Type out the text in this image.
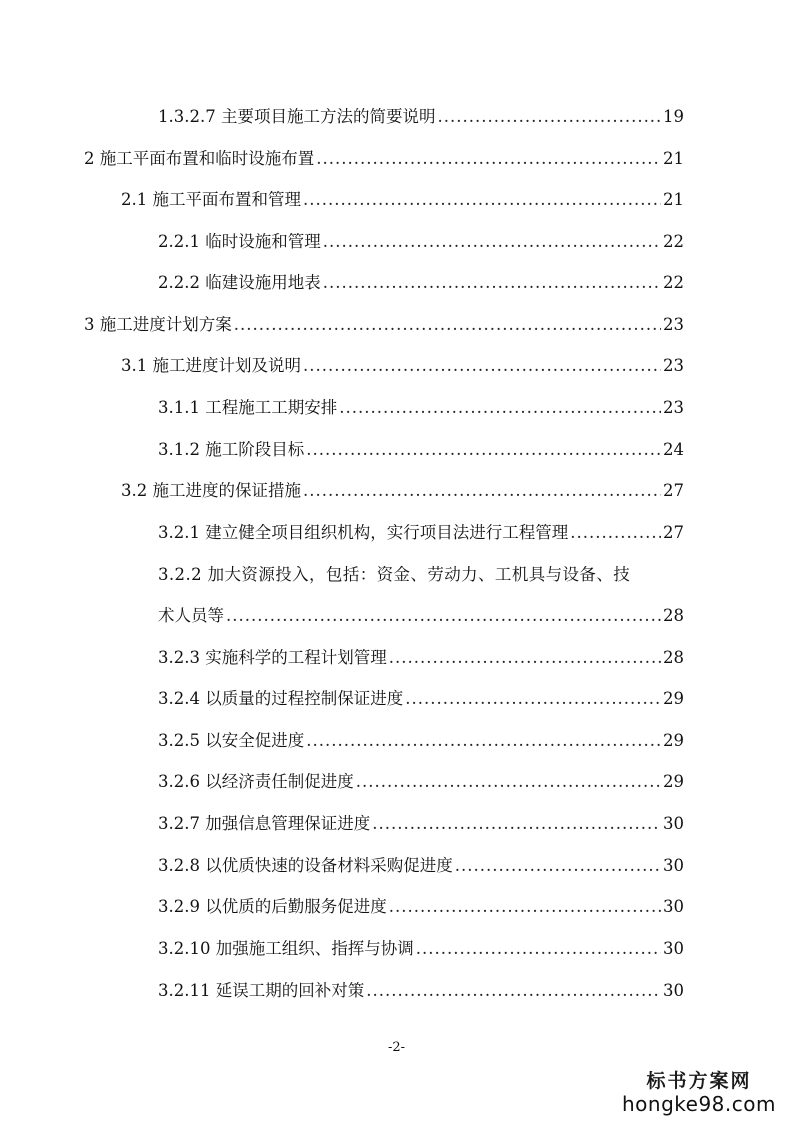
1.3.2.7 主要项目施工方法的简要说明 .....	19
2 施工平面布置和临时设施布置 .....	21
2.1 施工平面布置和管理 .....	21
2.2.1 临时设施和管理 .....	22
2.2.2 临建设施用地表 .....	22
3 施工进度计划方案 .....	23
3.1 施工进度计划及说明 .....	23
3.1.1 工程施工工期安排 .....	23
3.1.2 施工阶段目标 .....	24
3.2 施工进度的保证措施 .....	27
3.2.1 建立健全项目组织机构，实行项目法进行工程管理 .....	27
3.2.2 加大资源投入，包括：资金、劳动力、工机具与设备、技
术人员等 .....	28
3.2.3 实施科学的工程计划管理 .....	28
3.2.4 以质量的过程控制保证进度 .....	29
3.2.5 以安全促进度 .....	29
3.2.6 以经济责任制促进度 .....	29
3.2.7 加强信息管理保证进度 .....	30
3.2.8 以优质快速的设备材料采购促进度 .....	30
3.2.9 以优质的后勤服务促进度 .....	30
3.2.10 加强施工组织、指挥与协调 .....	30
3.2.11 延误工期的回补对策 .....	30
-2-
标书方案网
hongke98.com
